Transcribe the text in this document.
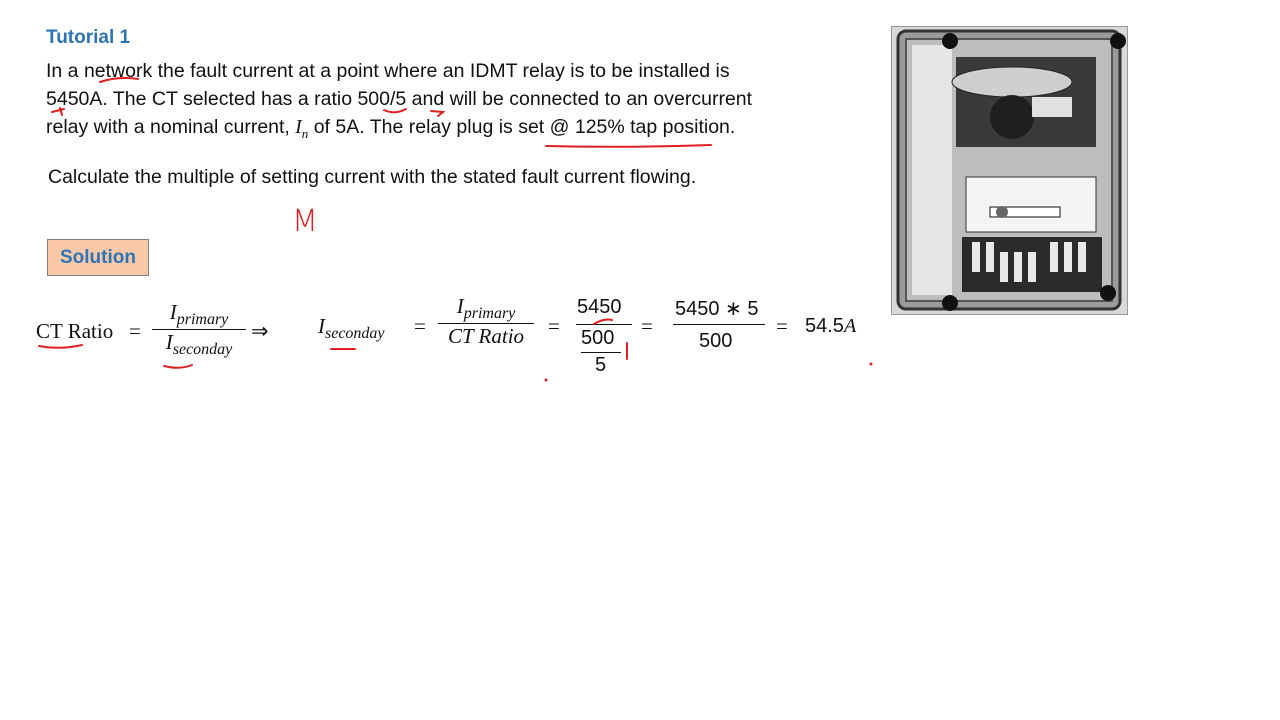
Tutorial 1
In a network the fault current at a point where an IDMT relay is to be installed is
5450A. The CT selected has a ratio 500/5 and will be connected to an overcurrent
relay with a nominal current, $I_n$ of 5A. The relay plug is set @ 125% tap position.
Calculate the multiple of setting current with the stated fault current flowing.
M
Solution
CT Ratio =
$I_{primary}$
$I_{seconday}$
⇒ $I_{seconday}$ =
$I_{primary}$
CT Ratio	=
5450
500
5
=
5450 ∗ 5
500
= 54.5A
